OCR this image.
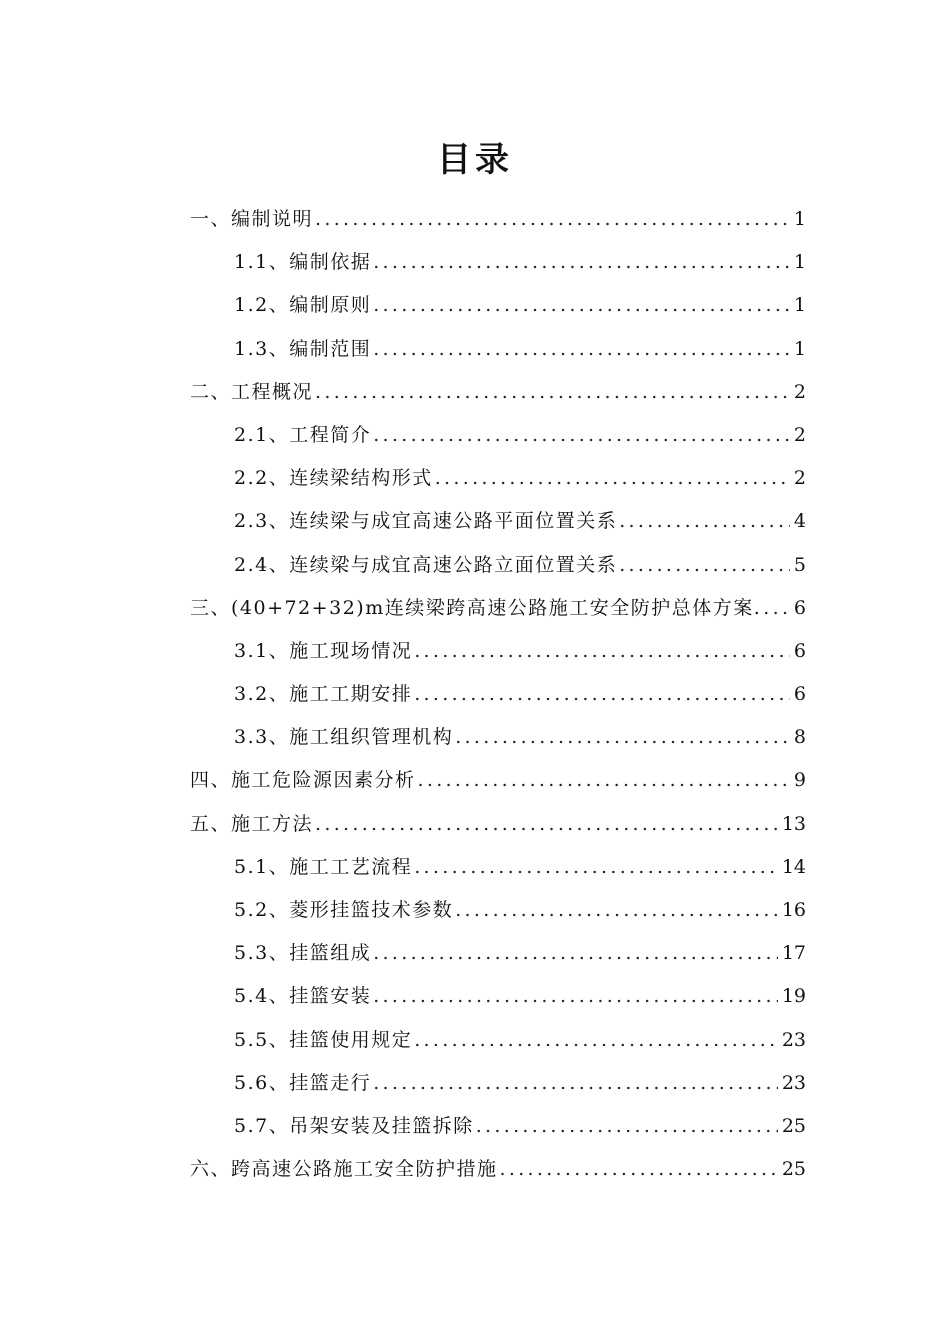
目录
一、编制说明 .....	1
1.1、编制依据 .....	1
1.2、编制原则 .....	1
1.3、编制范围 .....	1
二、工程概况 .....	2
2.1、工程简介 .....	2
2.2、连续梁结构形式 .....	2
2.3、连续梁与成宜高速公路平面位置关系 .....	4
2.4、连续梁与成宜高速公路立面位置关系 .....	5
三、(40+72+32)m连续梁跨高速公路施工安全防护总体方案. ..... 6
3.1、施工现场情况 .....	6
3.2、施工工期安排 .....	6
3.3、施工组织管理机构 .....	8
四、施工危险源因素分析 .....	9
五、施工方法 .....	13
5.1、施工工艺流程 .....	14
5.2、菱形挂篮技术参数 .....	16
5.3、挂篮组成 .....	17
5.4、挂篮安装 .....	19
5.5、挂篮使用规定 .....	23
5.6、挂篮走行 .....	23
5.7、吊架安装及挂篮拆除 .....	25
六、跨高速公路施工安全防护措施 .....	25
